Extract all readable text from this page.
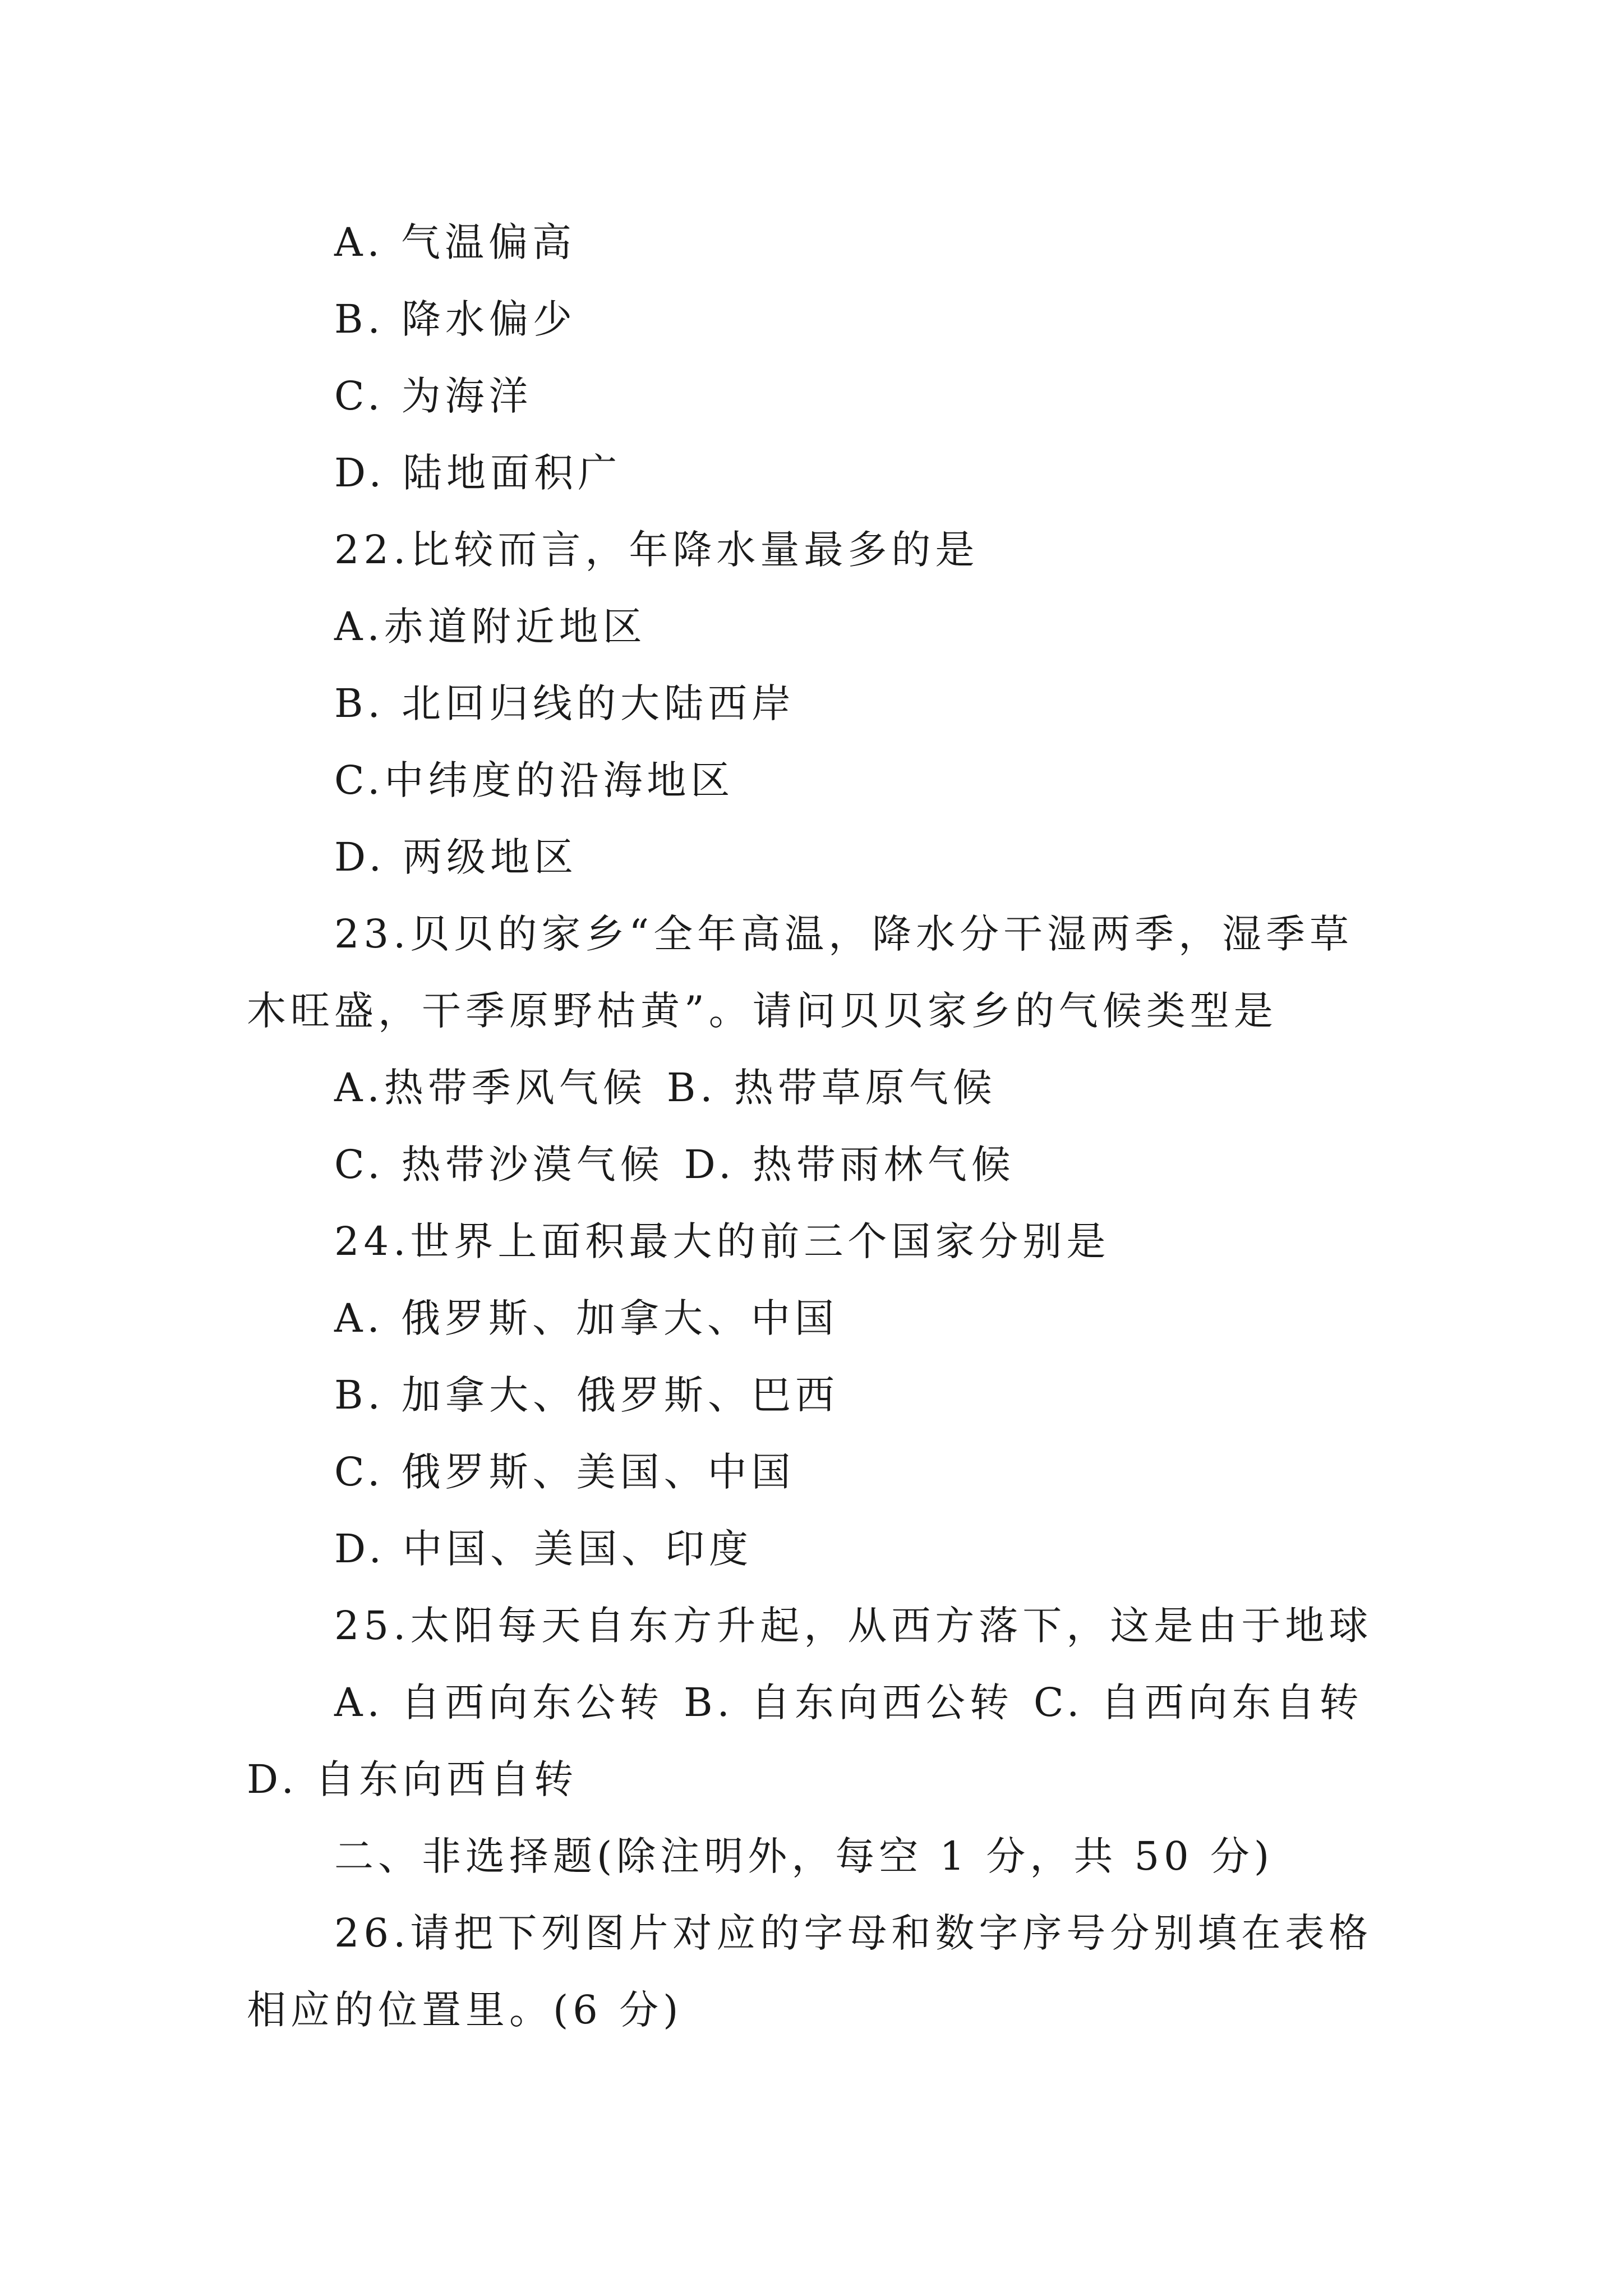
A. 气温偏高
B. 降水偏少
C. 为海洋
D. 陆地面积广
22.比较而言，年降水量最多的是
A.赤道附近地区
B. 北回归线的大陆西岸
C.中纬度的沿海地区
D. 两级地区
23.贝贝的家乡“全年高温，降水分干湿两季，湿季草
木旺盛，干季原野枯黄”。请问贝贝家乡的气候类型是
A.热带季风气候 B. 热带草原气候
C. 热带沙漠气候 D. 热带雨林气候
24.世界上面积最大的前三个国家分别是
A. 俄罗斯、加拿大、中国
B. 加拿大、俄罗斯、巴西
C. 俄罗斯、美国、中国
D. 中国、美国、印度
25.太阳每天自东方升起，从西方落下，这是由于地球
A. 自西向东公转 B. 自东向西公转 C. 自西向东自转
D. 自东向西自转
二、非选择题(除注明外，每空 1 分，共 50 分)
26.请把下列图片对应的字母和数字序号分别填在表格
相应的位置里。(6 分)
